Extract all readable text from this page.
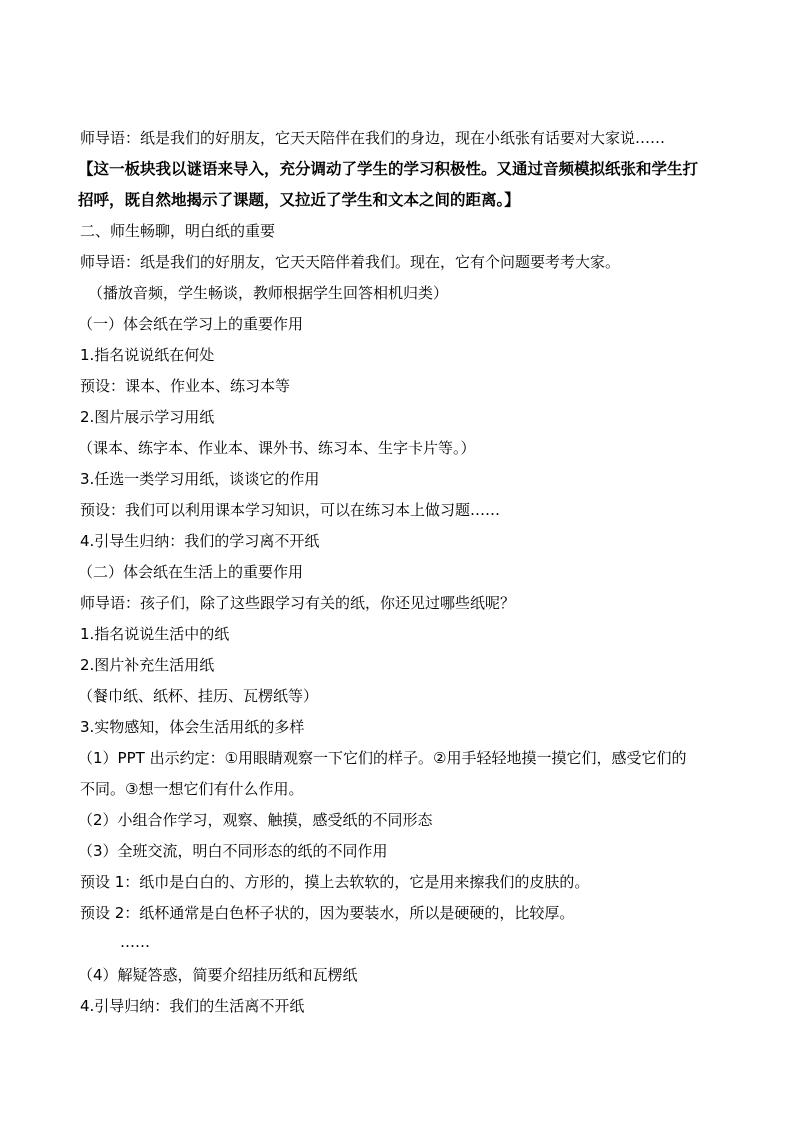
师导语：纸是我们的好朋友，它天天陪伴在我们的身边，现在小纸张有话要对大家说……
【这一板块我以谜语来导入，充分调动了学生的学习积极性。又通过音频模拟纸张和学生打
招呼，既自然地揭示了课题，又拉近了学生和文本之间的距离。】
二、师生畅聊，明白纸的重要
师导语：纸是我们的好朋友，它天天陪伴着我们。现在，它有个问题要考考大家。
（播放音频，学生畅谈，教师根据学生回答相机归类）
（一）体会纸在学习上的重要作用
1.指名说说纸在何处
预设：课本、作业本、练习本等
2.图片展示学习用纸
（课本、练字本、作业本、课外书、练习本、生字卡片等。）
3.任选一类学习用纸，谈谈它的作用
预设：我们可以利用课本学习知识，可以在练习本上做习题……
4.引导生归纳：我们的学习离不开纸
（二）体会纸在生活上的重要作用
师导语：孩子们，除了这些跟学习有关的纸，你还见过哪些纸呢？
1.指名说说生活中的纸
2.图片补充生活用纸
（餐巾纸、纸杯、挂历、瓦楞纸等）
3.实物感知，体会生活用纸的多样
（1）PPT 出示约定：①用眼睛观察一下它们的样子。②用手轻轻地摸一摸它们，感受它们的
不同。③想一想它们有什么作用。
（2）小组合作学习，观察、触摸，感受纸的不同形态
（3）全班交流，明白不同形态的纸的不同作用
预设 1：纸巾是白白的、方形的，摸上去软软的，它是用来擦我们的皮肤的。
预设 2：纸杯通常是白色杯子状的，因为要装水，所以是硬硬的，比较厚。
……
（4）解疑答惑，简要介绍挂历纸和瓦楞纸
4.引导归纳：我们的生活离不开纸
